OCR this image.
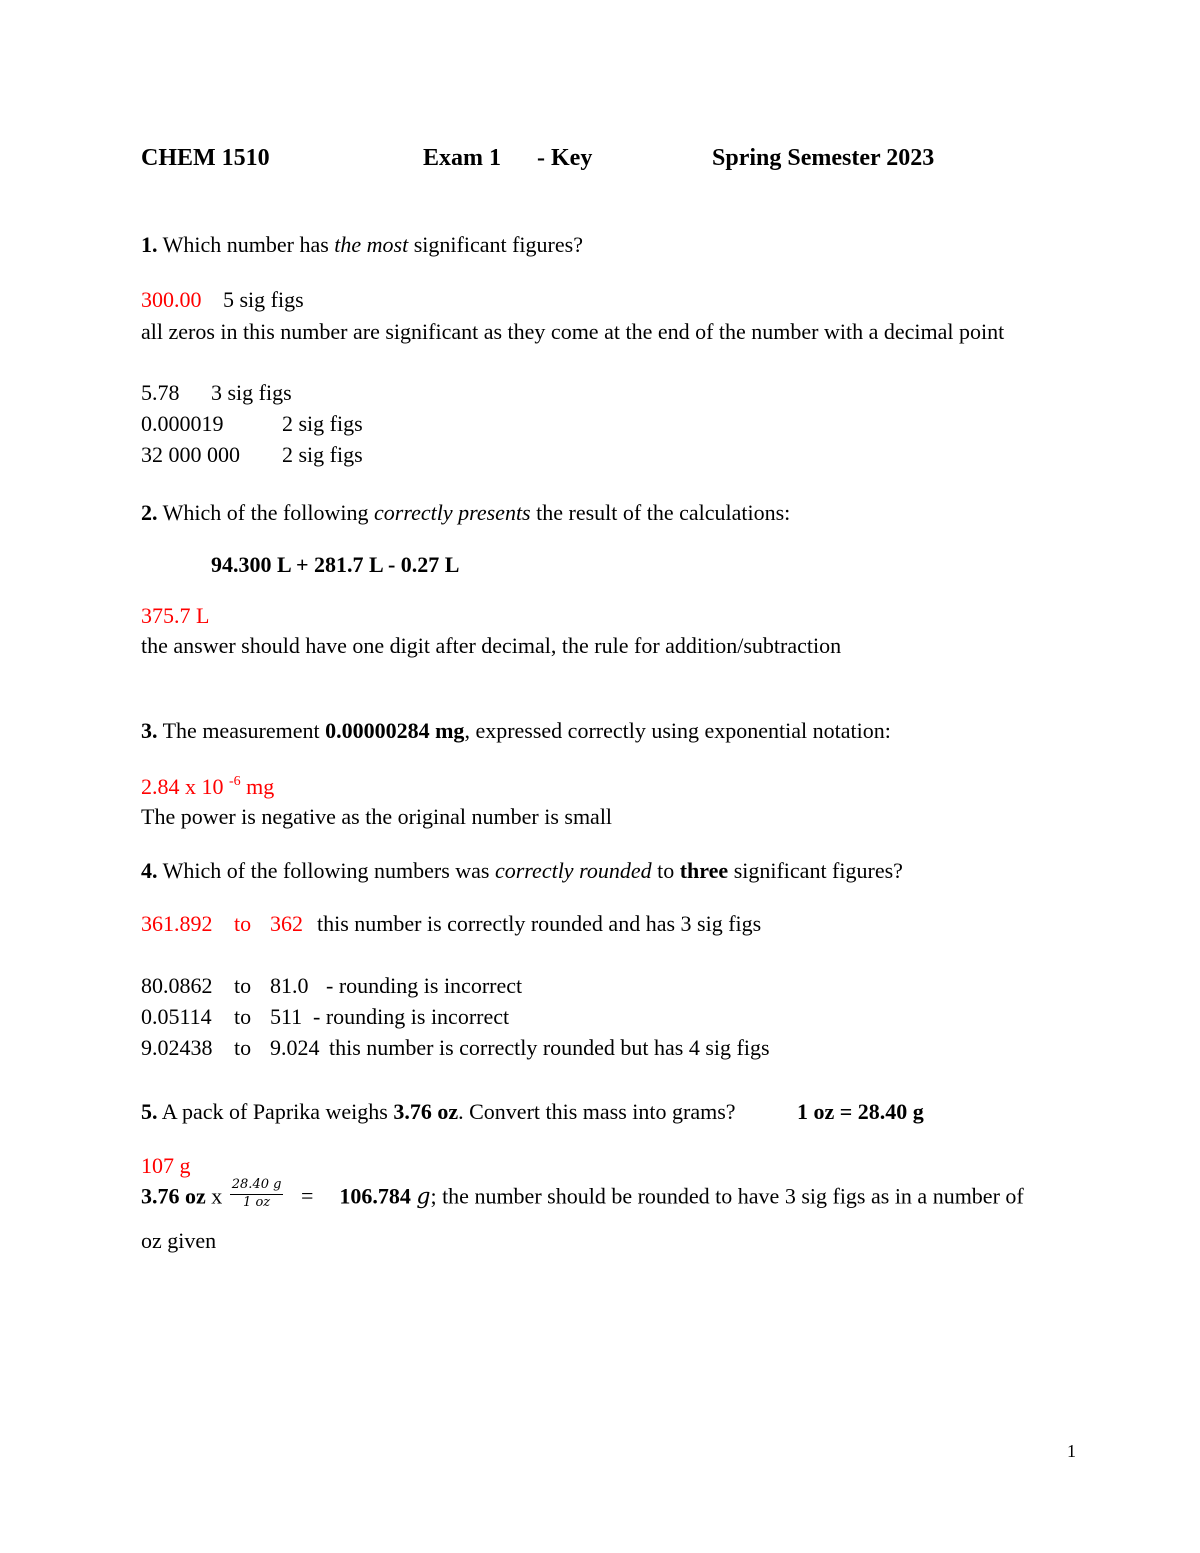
CHEM 1510	Exam 1 - Key	Spring Semester 2023
1. Which number has the most significant figures?
300.00 5 sig figs
all zeros in this number are significant as they come at the end of the number with a decimal point
5.78 3 sig figs
0.000019	2 sig figs
32 000 000 2 sig figs
2. Which of the following correctly presents the result of the calculations:
94.300 L + 281.7 L - 0.27 L
375.7 L
the answer should have one digit after decimal, the rule for addition/subtraction
3. The measurement 0.00000284 mg, expressed correctly using exponential notation:
2.84 x 10 $^{-6}$ mg
The power is negative as the original number is small
4. Which of the following numbers was correctly rounded to three significant figures?
361.892 to 362 this number is correctly rounded and has 3 sig figs
80.0862 to 81.0 - rounding is incorrect
0.05114 to 511 - rounding is incorrect
9.02438 to 9.024 this number is correctly rounded but has 4 sig figs
5. A pack of Paprika weighs 3.76 oz. Convert this mass into grams?	1 oz = 28.40 g
107 g
3.76 oz x $\frac{28.40 g}{1 oz} = 106.784$ g; the number should be rounded to have 3 sig figs as in a number of
oz given
1
